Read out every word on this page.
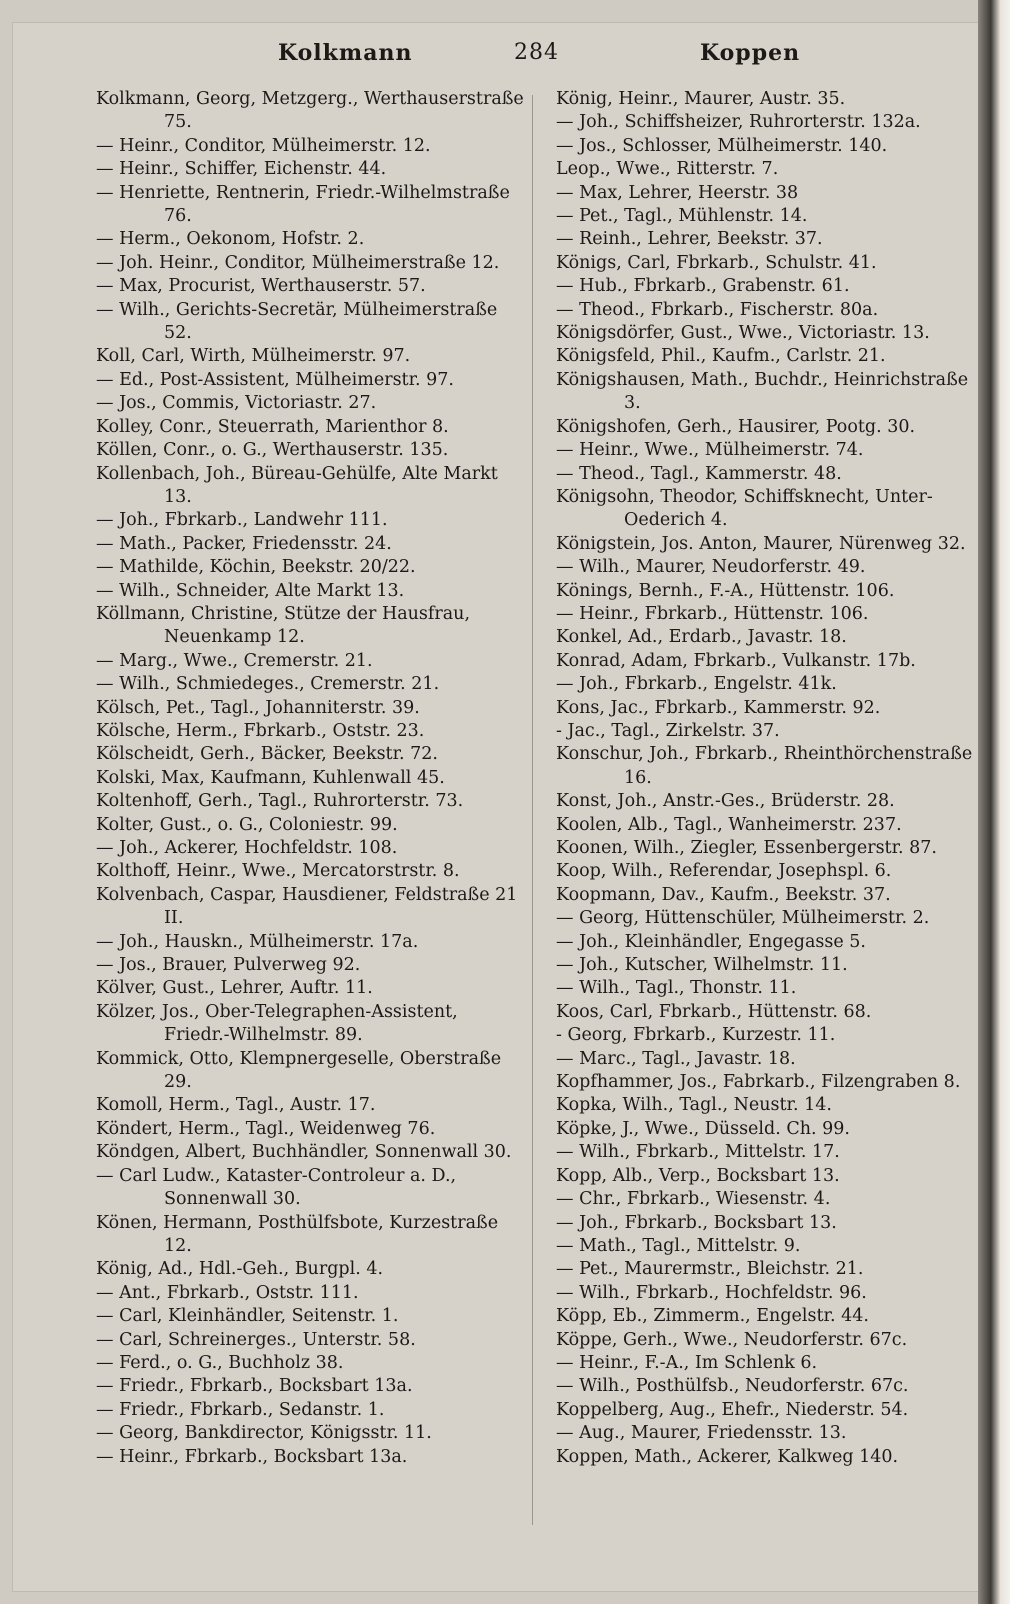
Kolkmann	284	Koppen
Kolkmann, Georg, Metzgerg., Werthauserstraße 75.
— Heinr., Conditor, Mülheimerstr. 12.
— Heinr., Schiffer, Eichenstr. 44.
— Henriette, Rentnerin, Friedr.-Wilhelmstraße 76.
— Herm., Oekonom, Hofstr. 2.
— Joh. Heinr., Conditor, Mülheimerstraße 12.
— Max, Procurist, Werthauserstr. 57.
— Wilh., Gerichts-Secretär, Mülheimerstraße 52.
Koll, Carl, Wirth, Mülheimerstr. 97.
— Ed., Post-Assistent, Mülheimerstr. 97.
— Jos., Commis, Victoriastr. 27.
Kolley, Conr., Steuerrath, Marienthor 8.
Köllen, Conr., o. G., Werthauserstr. 135.
Kollenbach, Joh., Büreau-Gehülfe, Alte Markt 13.
— Joh., Fbrkarb., Landwehr 111.
— Math., Packer, Friedensstr. 24.
— Mathilde, Köchin, Beekstr. 20/22.
— Wilh., Schneider, Alte Markt 13.
Köllmann, Christine, Stütze der Hausfrau, Neuenkamp 12.
— Marg., Wwe., Cremerstr. 21.
— Wilh., Schmiedeges., Cremerstr. 21.
Kölsch, Pet., Tagl., Johanniterstr. 39.
Kölsche, Herm., Fbrkarb., Oststr. 23.
Kölscheidt, Gerh., Bäcker, Beekstr. 72.
Kolski, Max, Kaufmann, Kuhlenwall 45.
Koltenhoff, Gerh., Tagl., Ruhrorterstr. 73.
Kolter, Gust., o. G., Coloniestr. 99.
— Joh., Ackerer, Hochfeldstr. 108.
Kolthoff, Heinr., Wwe., Mercatorstrstr. 8.
Kolvenbach, Caspar, Hausdiener, Feldstraße 21 II.
— Joh., Hauskn., Mülheimerstr. 17a.
— Jos., Brauer, Pulverweg 92.
Kölver, Gust., Lehrer, Auftr. 11.
Kölzer, Jos., Ober-Telegraphen-Assistent, Friedr.-Wilhelmstr. 89.
Kommick, Otto, Klempnergeselle, Oberstraße 29.
Komoll, Herm., Tagl., Austr. 17.
Köndert, Herm., Tagl., Weidenweg 76.
Köndgen, Albert, Buchhändler, Sonnenwall 30.
— Carl Ludw., Kataster-Controleur a. D., Sonnenwall 30.
Könen, Hermann, Posthülfsbote, Kurzestraße 12.
König, Ad., Hdl.-Geh., Burgpl. 4.
— Ant., Fbrkarb., Oststr. 111.
— Carl, Kleinhändler, Seitenstr. 1.
— Carl, Schreinerges., Unterstr. 58.
— Ferd., o. G., Buchholz 38.
— Friedr., Fbrkarb., Bocksbart 13a.
— Friedr., Fbrkarb., Sedanstr. 1.
— Georg, Bankdirector, Königsstr. 11.
— Heinr., Fbrkarb., Bocksbart 13a.
König, Heinr., Maurer, Austr. 35.
— Joh., Schiffsheizer, Ruhrorterstr. 132a.
— Jos., Schlosser, Mülheimerstr. 140.
Leop., Wwe., Ritterstr. 7.
— Max, Lehrer, Heerstr. 38
— Pet., Tagl., Mühlenstr. 14.
— Reinh., Lehrer, Beekstr. 37.
Königs, Carl, Fbrkarb., Schulstr. 41.
— Hub., Fbrkarb., Grabenstr. 61.
— Theod., Fbrkarb., Fischerstr. 80a.
Königsdörfer, Gust., Wwe., Victoriastr. 13.
Königsfeld, Phil., Kaufm., Carlstr. 21.
Königshausen, Math., Buchdr., Heinrichstraße 3.
Königshofen, Gerh., Hausirer, Pootg. 30.
— Heinr., Wwe., Mülheimerstr. 74.
— Theod., Tagl., Kammerstr. 48.
Königsohn, Theodor, Schiffsknecht, Unter-Oederich 4.
Königstein, Jos. Anton, Maurer, Nürenweg 32.
— Wilh., Maurer, Neudorferstr. 49.
Könings, Bernh., F.-A., Hüttenstr. 106.
— Heinr., Fbrkarb., Hüttenstr. 106.
Konkel, Ad., Erdarb., Javastr. 18.
Konrad, Adam, Fbrkarb., Vulkanstr. 17b.
— Joh., Fbrkarb., Engelstr. 41k.
Kons, Jac., Fbrkarb., Kammerstr. 92.
- Jac., Tagl., Zirkelstr. 37.
Konschur, Joh., Fbrkarb., Rheinthörchenstraße 16.
Konst, Joh., Anstr.-Ges., Brüderstr. 28.
Koolen, Alb., Tagl., Wanheimerstr. 237.
Koonen, Wilh., Ziegler, Essenbergerstr. 87.
Koop, Wilh., Referendar, Josephspl. 6.
Koopmann, Dav., Kaufm., Beekstr. 37.
— Georg, Hüttenschüler, Mülheimerstr. 2.
— Joh., Kleinhändler, Engegasse 5.
— Joh., Kutscher, Wilhelmstr. 11.
— Wilh., Tagl., Thonstr. 11.
Koos, Carl, Fbrkarb., Hüttenstr. 68.
- Georg, Fbrkarb., Kurzestr. 11.
— Marc., Tagl., Javastr. 18.
Kopfhammer, Jos., Fabrkarb., Filzengraben 8.
Kopka, Wilh., Tagl., Neustr. 14.
Köpke, J., Wwe., Düsseld. Ch. 99.
— Wilh., Fbrkarb., Mittelstr. 17.
Kopp, Alb., Verp., Bocksbart 13.
— Chr., Fbrkarb., Wiesenstr. 4.
— Joh., Fbrkarb., Bocksbart 13.
— Math., Tagl., Mittelstr. 9.
— Pet., Maurermstr., Bleichstr. 21.
— Wilh., Fbrkarb., Hochfeldstr. 96.
Köpp, Eb., Zimmerm., Engelstr. 44.
Köppe, Gerh., Wwe., Neudorferstr. 67c.
— Heinr., F.-A., Im Schlenk 6.
— Wilh., Posthülfsb., Neudorferstr. 67c.
Koppelberg, Aug., Ehefr., Niederstr. 54.
— Aug., Maurer, Friedensstr. 13.
Koppen, Math., Ackerer, Kalkweg 140.
